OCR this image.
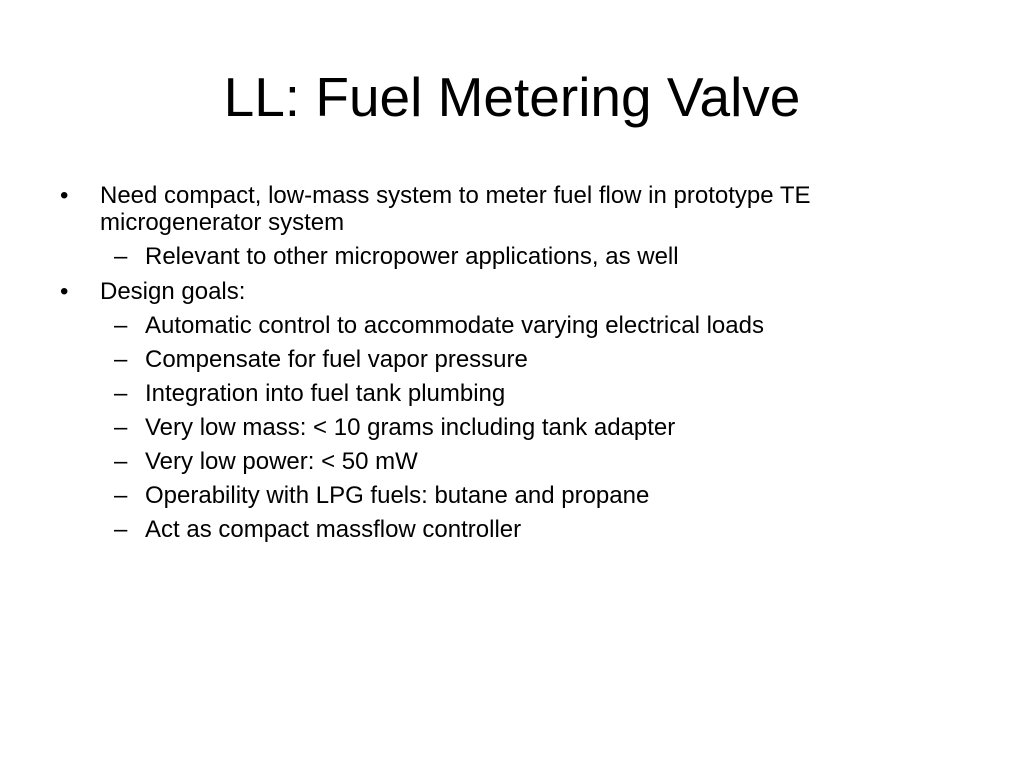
LL: Fuel Metering Valve
• Need compact, low-mass system to meter fuel flow in prototype TE microgenerator system
– Relevant to other micropower applications, as well
• Design goals:
– Automatic control to accommodate varying electrical loads
– Compensate for fuel vapor pressure
– Integration into fuel tank plumbing
– Very low mass: < 10 grams including tank adapter
– Very low power: < 50 mW
– Operability with LPG fuels: butane and propane
– Act as compact massflow controller
